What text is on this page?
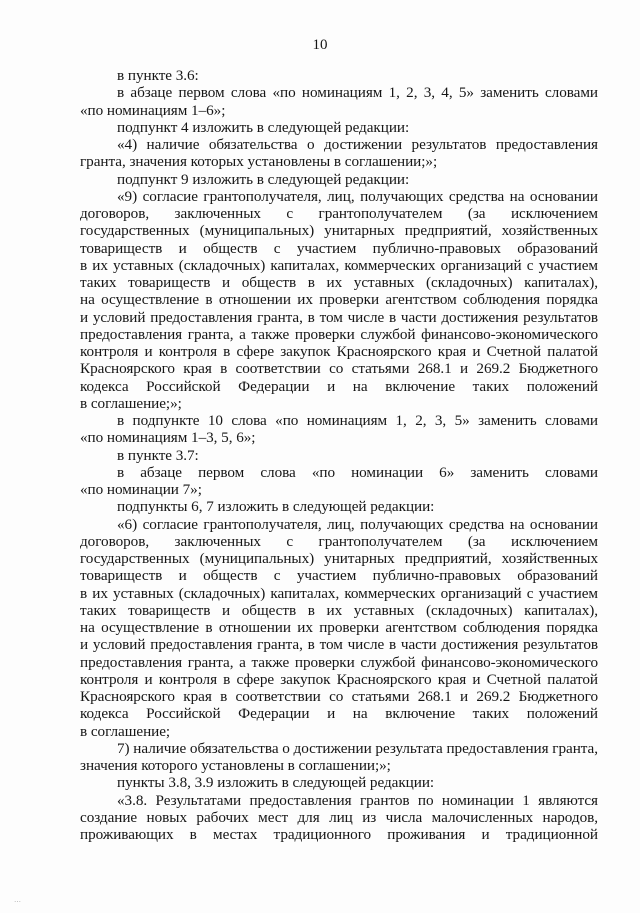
10
в пункте 3.6:
в абзаце первом слова «по номинациям 1, 2, 3, 4, 5» заменить словами
«по номинациям 1–6»;
подпункт 4 изложить в следующей редакции:
«4) наличие обязательства о достижении результатов предоставления
гранта, значения которых установлены в соглашении;»;
подпункт 9 изложить в следующей редакции:
«9) согласие грантополучателя, лиц, получающих средства на основании
договоров, заключенных с грантополучателем (за исключением
государственных (муниципальных) унитарных предприятий, хозяйственных
товариществ и обществ с участием публично-правовых образований
в их уставных (складочных) капиталах, коммерческих организаций с участием
таких товариществ и обществ в их уставных (складочных) капиталах),
на осуществление в отношении их проверки агентством соблюдения порядка
и условий предоставления гранта, в том числе в части достижения результатов
предоставления гранта, а также проверки службой финансово-экономического
контроля и контроля в сфере закупок Красноярского края и Счетной палатой
Красноярского края в соответствии со статьями 268.1 и 269.2 Бюджетного
кодекса Российской Федерации и на включение таких положений
в соглашение;»;
в подпункте 10 слова «по номинациям 1, 2, 3, 5» заменить словами
«по номинациям 1–3, 5, 6»;
в пункте 3.7:
в абзаце первом слова «по номинации 6» заменить словами
«по номинации 7»;
подпункты 6, 7 изложить в следующей редакции:
«6) согласие грантополучателя, лиц, получающих средства на основании
договоров, заключенных с грантополучателем (за исключением
государственных (муниципальных) унитарных предприятий, хозяйственных
товариществ и обществ с участием публично-правовых образований
в их уставных (складочных) капиталах, коммерческих организаций с участием
таких товариществ и обществ в их уставных (складочных) капиталах),
на осуществление в отношении их проверки агентством соблюдения порядка
и условий предоставления гранта, в том числе в части достижения результатов
предоставления гранта, а также проверки службой финансово-экономического
контроля и контроля в сфере закупок Красноярского края и Счетной палатой
Красноярского края в соответствии со статьями 268.1 и 269.2 Бюджетного
кодекса Российской Федерации и на включение таких положений
в соглашение;
7) наличие обязательства о достижении результата предоставления гранта,
значения которого установлены в соглашении;»;
пункты 3.8, 3.9 изложить в следующей редакции:
«3.8. Результатами предоставления грантов по номинации 1 являются
создание новых рабочих мест для лиц из числа малочисленных народов,
проживающих в местах традиционного проживания и традиционной
…
